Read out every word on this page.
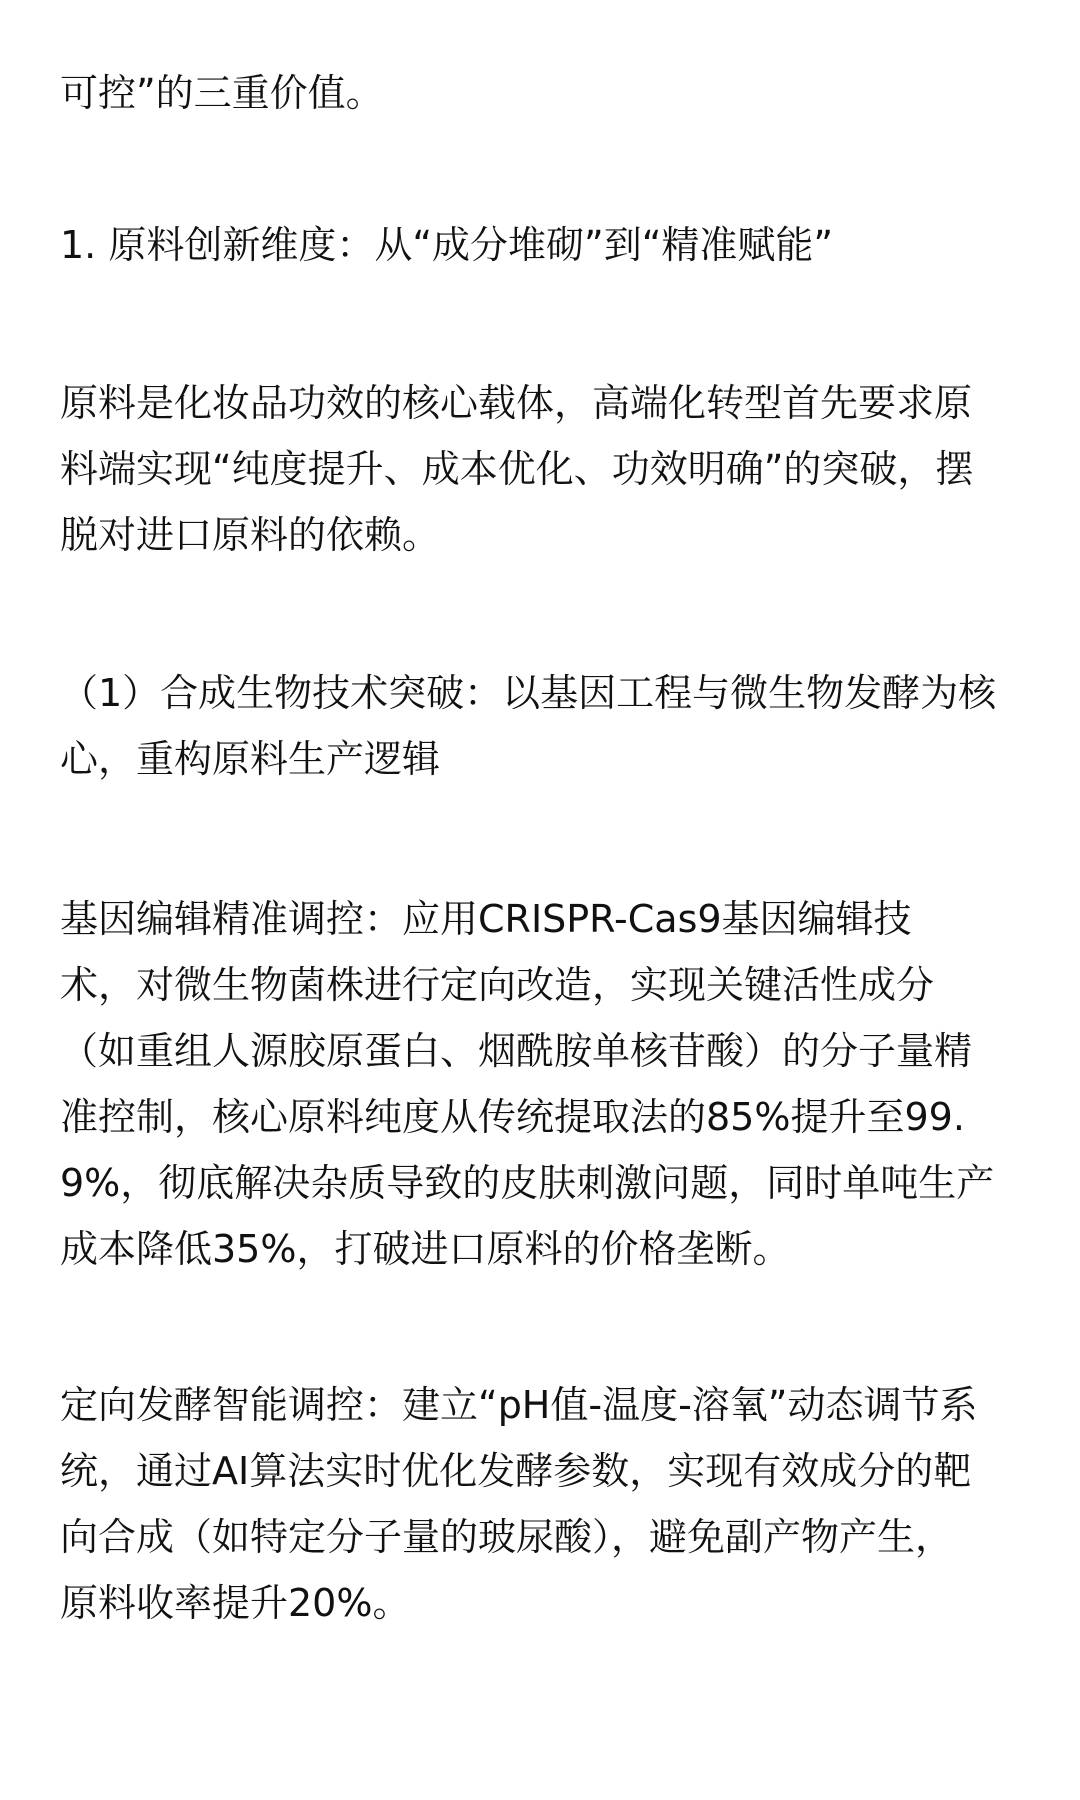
可控”的三重价值。

1. 原料创新维度：从“成分堆砌”到“精准赋能”

原料是化妆品功效的核心载体，高端化转型首先要求原
料端实现“纯度提升、成本优化、功效明确”的突破，摆
脱对进口原料的依赖。

（1）合成生物技术突破：以基因工程与微生物发酵为核
心，重构原料生产逻辑

基因编辑精准调控：应用CRISPR-Cas9基因编辑技
术，对微生物菌株进行定向改造，实现关键活性成分
（如重组人源胶原蛋白、烟酰胺单核苷酸）的分子量精
准控制，核心原料纯度从传统提取法的85%提升至99.
9%，彻底解决杂质导致的皮肤刺激问题，同时单吨生产
成本降低35%，打破进口原料的价格垄断。

定向发酵智能调控：建立“pH值-温度-溶氧”动态调节系
统，通过AI算法实时优化发酵参数，实现有效成分的靶
向合成（如特定分子量的玻尿酸），避免副产物产生，
原料收率提升20%。
